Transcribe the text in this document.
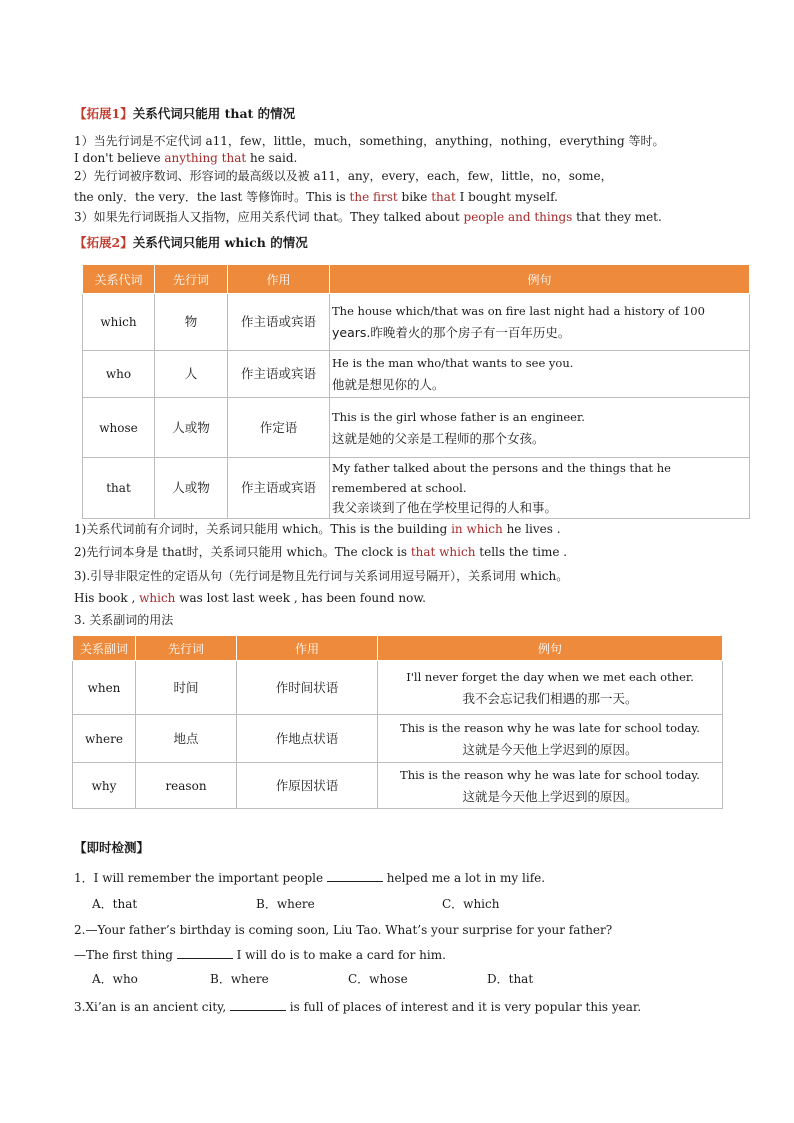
【拓展1】关系代词只能用 that 的情况
1）当先行词是不定代词 a11，few，little，much，something，anything，nothing，everything 等时。
I don't believe anything that he said.
2）先行词被序数词、形容词的最高级以及被 a11，any，every，each，few，little，no，some，
the only．the very．the last 等修饰时。This is the first bike that I bought myself.
3）如果先行词既指人又指物，应用关系代词 that。They talked about people and things that they met.
【拓展2】关系代词只能用 which 的情况
关系代词	先行词	作用	例句
which	物	作主语或宾语	The house which/that was on fire last night had a history of 100
years.昨晚着火的那个房子有一百年历史。

who	人	作主语或宾语	He is the man who/that wants to see you.
他就是想见你的人。

whose	人或物	作定语	This is the girl whose father is an engineer.
这就是她的父亲是工程师的那个女孩。

that	人或物	作主语或宾语	My father talked about the persons and the things that he
remembered at school.
我父亲谈到了他在学校里记得的人和事。
1)关系代词前有介词时，关系词只能用 which。This is the building in which he lives .
2)先行词本身是 that时，关系词只能用 which。The clock is that which tells the time .
3).引导非限定性的定语从句（先行词是物且先行词与关系词用逗号隔开），关系词用 which。
His book , which was lost last week , has been found now.
3. 关系副词的用法
关系副词	先行词	作用	例句
when	时间	作时间状语	I'll never forget the day when we met each other.
我不会忘记我们相遇的那一天。

where	地点	作地点状语	This is the reason why he was late for school today.
这就是今天他上学迟到的原因。

why	reason	作原因状语	This is the reason why he was late for school today.
这就是今天他上学迟到的原因。
【即时检测】
1．I will remember the important people	helped me a lot in my life.
A．that	B．where	C．which
2.—Your father’s birthday is coming soon, Liu Tao. What’s your surprise for your father?
—The first thing	I will do is to make a card for him.
A．who	B．where	C．whose	D．that
3.Xi’an is an ancient city,	is full of places of interest and it is very popular this year.
